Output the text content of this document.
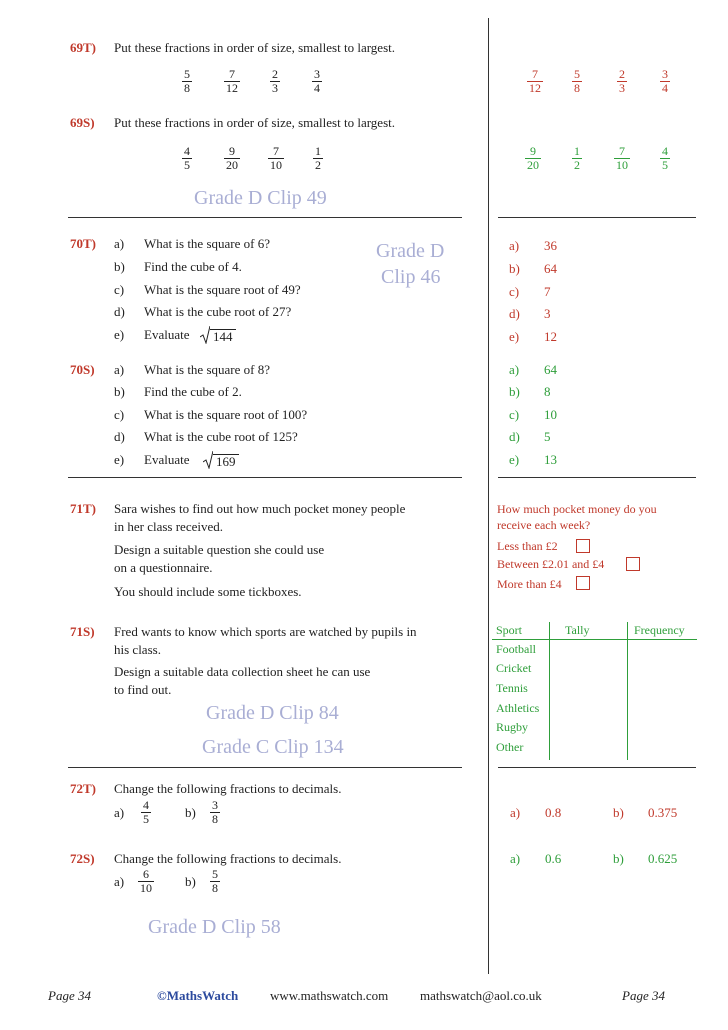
69T) Put these fractions in order of size, smallest to largest.
$\frac{5}{8}$	$\frac{7}{12}$	$\frac{2}{3}$	$\frac{3}{4}$	$\frac{7}{12} \frac{5}{8}$	$\frac{2}{3}$	$\frac{3}{4}$
69S) Put these fractions in order of size, smallest to largest.
$\frac{4}{5}$	$\frac{9}{20} \frac{7}{10} \frac{1}{2}$	$\frac{9}{20}$	$\frac{1}{2}$	$\frac{7}{10}$	$\frac{4}{5}$
Grade D Clip 49
70T) a) What is the square of 6?
b) Find the cube of 4.
c) What is the square root of 49?
d) What is the cube root of 27?
e) Evaluate 144
Grade D
Clip 46
a) 36
b) 64
c) 7
d) 3
e) 12
70S) a) What is the square of 8?
b) Find the cube of 2.
c) What is the square root of 100?
d) What is the cube root of 125?
e) Evaluate 169
a) 64
b) 8
c) 10
d) 5
e) 13
71T) Sara wishes to find out how much pocket money people
in her class received.
Design a suitable question she could use
on a questionnaire.
You should include some tickboxes.
How much pocket money do you
receive each week?
Less than £2
Between £2.01 and £4
More than £4
71S) Fred wants to know which sports are watched by pupils in
his class.
Design a suitable data collection sheet he can use
to find out.
Sport	Tally	Frequency
Football
Cricket
Tennis
Athletics
Rugby
Other
Grade D Clip 84
Grade C Clip 134
72T) Change the following fractions to decimals.
$a) \frac{4}{5}$	$b) \frac{3}{8}$	a) 0.8	b) 0.375
72S) Change the following fractions to decimals.
$a) \frac{6}{10} b) \frac{5}{8}$
a) 0.6	b) 0.625
Grade D Clip 58
Page 34	©MathsWatch www.mathswatch.com mathswatch@aol.co.uk	Page 34
